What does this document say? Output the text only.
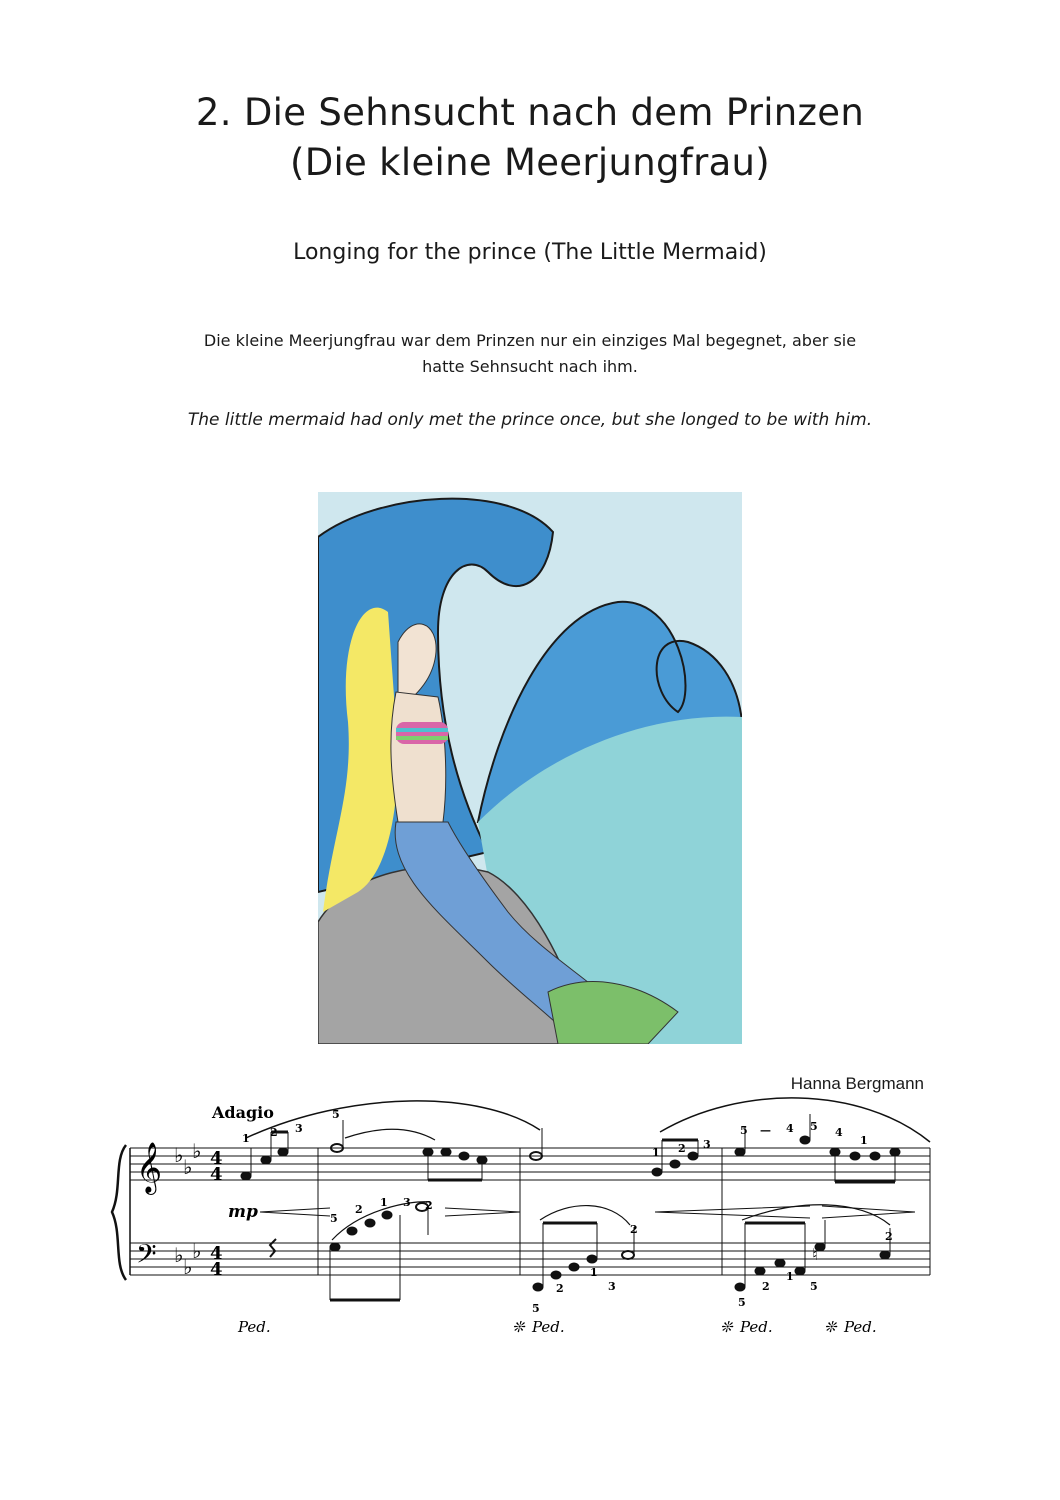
2. Die Sehnsucht nach dem Prinzen
(Die kleine Meerjungfrau)
Longing for the prince (The Little Mermaid)
Die kleine Meerjungfrau war dem Prinzen nur ein einziges Mal begegnet, aber sie
hatte Sehnsucht nach ihm.
The little mermaid had only met the prince once, but she longed to be with him.
Hanna Bergmann
Adagio
𝄞
𝄢
♭ ♭
♭
♭ ♭
♭
4
4
4
4
mp
♮
1 2 3
5
1 2 3
5 — 4 5 4
1
5
2
1 3 2
5
2
1
3
2
5
2
1
5
2
Ped.	❊ Ped.	❊ Ped.	❊ Ped.
